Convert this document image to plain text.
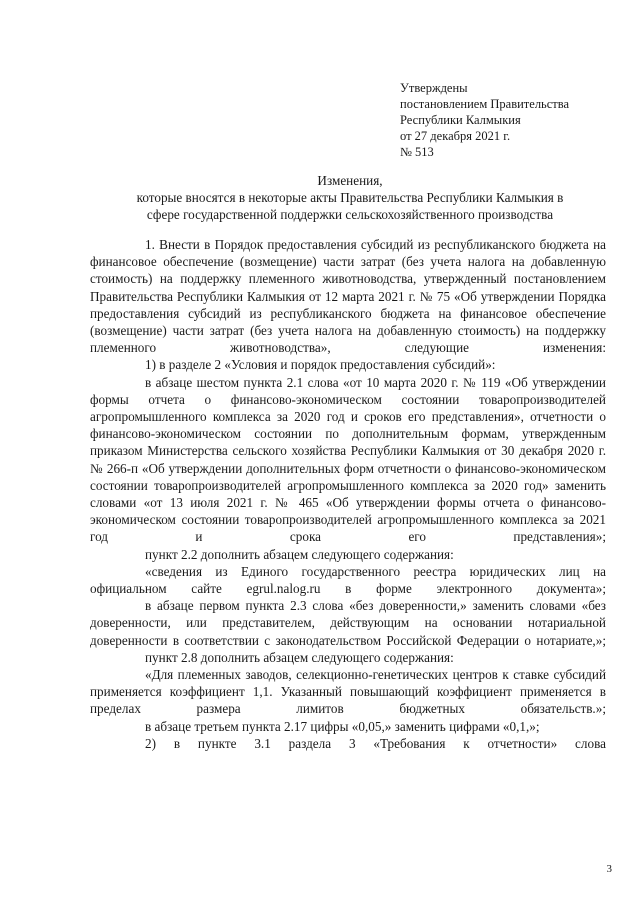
Утверждены
постановлением Правительства
Республики Калмыкия
от 27 декабря 2021 г.
№ 513
Изменения,
которые вносятся в некоторые акты Правительства Республики Калмыкия в
сфере государственной поддержки сельскохозяйственного производства

1. Внести в Порядок предоставления субсидий из республиканского бюджета на финансовое обеспечение (возмещение) части затрат (без учета налога на добавленную стоимость) на поддержку племенного животноводства, утвержденный постановлением Правительства Республики Калмыкия от 12 марта 2021 г. № 75 «Об утверждении Порядка предоставления субсидий из республиканского бюджета на финансовое обеспечение (возмещение) части затрат (без учета налога на добавленную стоимость) на поддержку племенного животноводства», следующие изменения:

1) в разделе 2 «Условия и порядок предоставления субсидий»:

в абзаце шестом пункта 2.1 слова «от 10 марта 2020 г. № 119 «Об утверждении формы отчета о финансово-экономическом состоянии товаропроизводителей агропромышленного комплекса за 2020 год и сроков его представления», отчетности о финансово-экономическом состоянии по дополнительным формам, утвержденным приказом Министерства сельского хозяйства Республики Калмыкия от 30 декабря 2020 г. № 266-п «Об утверждении дополнительных форм отчетности о финансово-экономическом состоянии товаропроизводителей агропромышленного комплекса за 2020 год» заменить словами «от 13 июля 2021 г. № 465 «Об утверждении формы отчета о финансово-экономическом состоянии товаропроизводителей агропромышленного комплекса за 2021 год и срока его представления»;

пункт 2.2 дополнить абзацем следующего содержания:

«сведения из Единого государственного реестра юридических лиц на официальном сайте egrul.nalog.ru в форме электронного документа»;

в абзаце первом пункта 2.3 слова «без доверенности,» заменить словами «без доверенности, или представителем, действующим на основании нотариальной доверенности в соответствии с законодательством Российской Федерации о нотариате,»;

пункт 2.8 дополнить абзацем следующего содержания:

«Для племенных заводов, селекционно-генетических центров к ставке субсидий применяется коэффициент 1,1. Указанный повышающий коэффициент применяется в пределах размера лимитов бюджетных обязательств.»;

в абзаце третьем пункта 2.17 цифры «0,05,» заменить цифрами «0,1,»;

2) в пункте 3.1 раздела 3 «Требования к отчетности» слова

3
